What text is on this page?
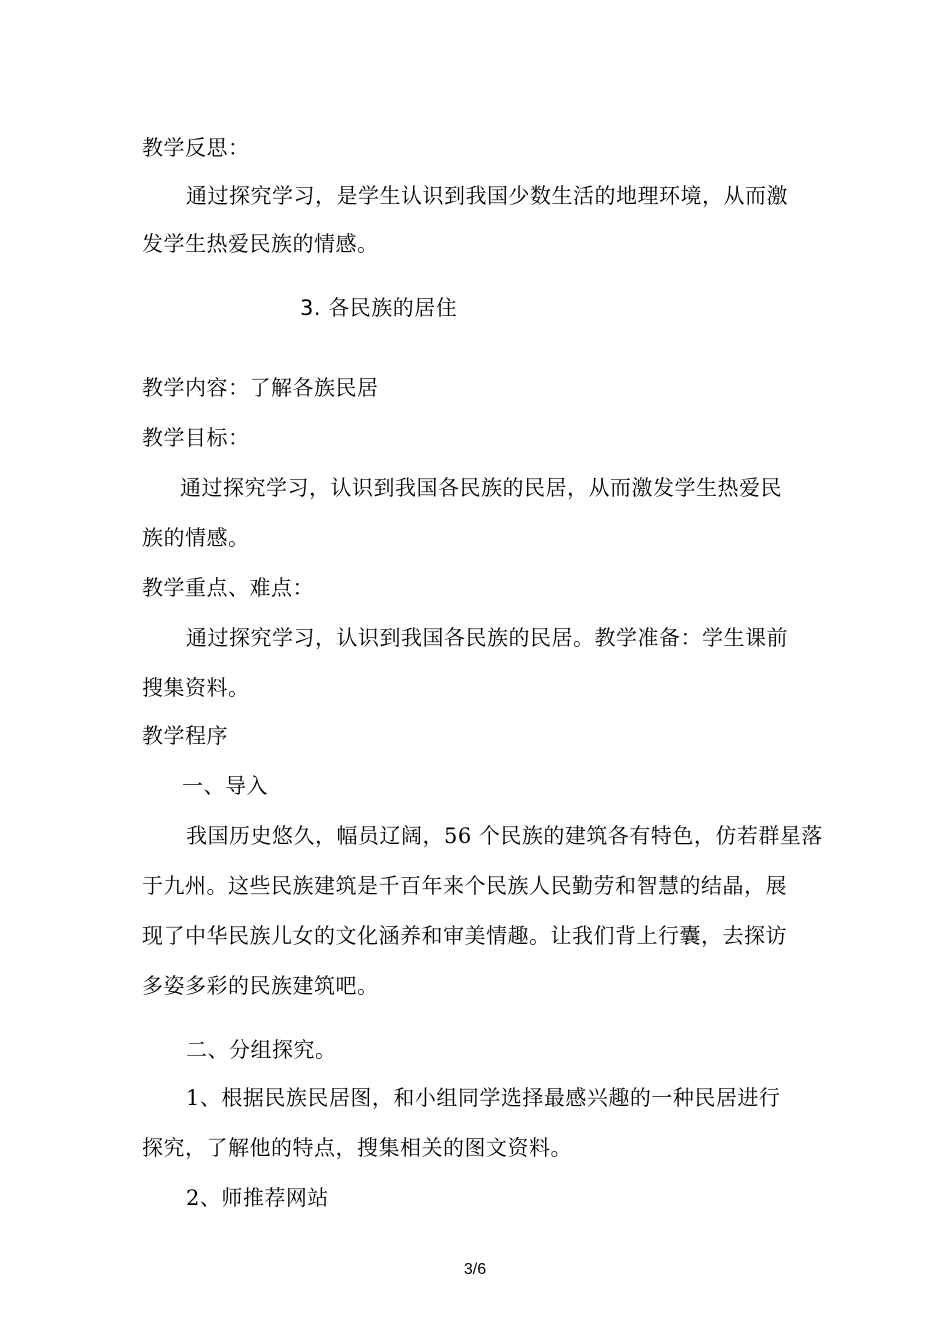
教学反思：
通过探究学习，是学生认识到我国少数生活的地理环境，从而激
发学生热爱民族的情感。
3. 各民族的居住
教学内容：了解各族民居
教学目标：
通过探究学习，认识到我国各民族的民居，从而激发学生热爱民
族的情感。
教学重点、难点：
通过探究学习，认识到我国各民族的民居。教学准备：学生课前
搜集资料。
教学程序
一、导入
我国历史悠久，幅员辽阔，56 个民族的建筑各有特色，仿若群星落
于九州。这些民族建筑是千百年来个民族人民勤劳和智慧的结晶，展
现了中华民族儿女的文化涵养和审美情趣。让我们背上行囊，去探访
多姿多彩的民族建筑吧。
二、分组探究。
1、根据民族民居图，和小组同学选择最感兴趣的一种民居进行
探究，了解他的特点，搜集相关的图文资料。
2、师推荐网站
3/6
